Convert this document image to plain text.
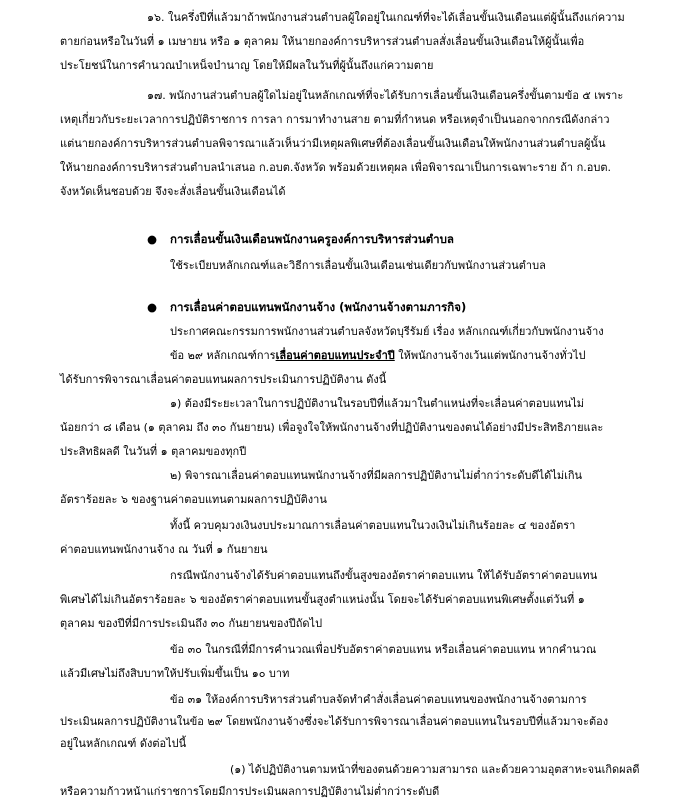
๑๖. ในครึ่งปีที่แล้วมาถ้าพนักงานส่วนตำบลผู้ใดอยู่ในเกณฑ์ที่จะได้เลื่อนขั้นเงินเดือนแต่ผู้นั้นถึงแก่ความ
ตายก่อนหรือในวันที่ ๑ เมษายน หรือ ๑ ตุลาคม ให้นายกองค์การบริหารส่วนตำบลสั่งเลื่อนขั้นเงินเดือนให้ผู้นั้นเพื่อ
ประโยชน์ในการคำนวณบำเหน็จบำนาญ โดยให้มีผลในวันที่ผู้นั้นถึงแก่ความตาย
๑๗. พนักงานส่วนตำบลผู้ใดไม่อยู่ในหลักเกณฑ์ที่จะได้รับการเลื่อนขั้นเงินเดือนครึ่งขั้นตามข้อ ๕ เพราะ
เหตุเกี่ยวกับระยะเวลาการปฏิบัติราชการ การลา การมาทำงานสาย ตามที่กำหนด หรือเหตุจำเป็นนอกจากกรณีดังกล่าว
แต่นายกองค์การบริหารส่วนตำบลพิจารณาแล้วเห็นว่ามีเหตุผลพิเศษที่ต้องเลื่อนขั้นเงินเดือนให้พนักงานส่วนตำบลผู้นั้น
ให้นายกองค์การบริหารส่วนตำบลนำเสนอ ก.อบต.จังหวัด พร้อมด้วยเหตุผล เพื่อพิจารณาเป็นการเฉพาะราย ถ้า ก.อบต.
จังหวัดเห็นชอบด้วย จึงจะสั่งเลื่อนขั้นเงินเดือนได้
●	การเลื่อนขั้นเงินเดือนพนักงานครูองค์การบริหารส่วนตำบล
ใช้ระเบียบหลักเกณฑ์และวิธีการเลื่อนขั้นเงินเดือนเช่นเดียวกับพนักงานส่วนตำบล
●	การเลื่อนค่าตอบแทนพนักงานจ้าง (พนักงานจ้างตามภารกิจ)
ประกาศคณะกรรมการพนักงานส่วนตำบลจังหวัดบุรีรัมย์ เรื่อง หลักเกณฑ์เกี่ยวกับพนักงานจ้าง
ข้อ ๒๙ หลักเกณฑ์การเลื่อนค่าตอบแทนประจำปี ให้พนักงานจ้างเว้นแต่พนักงานจ้างทั่วไป
ได้รับการพิจารณาเลื่อนค่าตอบแทนผลการประเมินการปฏิบัติงาน ดังนี้
๑) ต้องมีระยะเวลาในการปฏิบัติงานในรอบปีที่แล้วมาในตำแหน่งที่จะเลื่อนค่าตอบแทนไม่
น้อยกว่า ๘ เดือน (๑ ตุลาคม ถึง ๓๐ กันยายน) เพื่อจูงใจให้พนักงานจ้างที่ปฏิบัติงานของตนได้อย่างมีประสิทธิภายและ
ประสิทธิผลดี ในวันที่ ๑ ตุลาคมของทุกปี
๒) พิจารณาเลื่อนค่าตอบแทนพนักงานจ้างที่มีผลการปฏิบัติงานไม่ต่ำกว่าระดับดีได้ไม่เกิน
อัตราร้อยละ ๖ ของฐานค่าตอบแทนตามผลการปฏิบัติงาน
ทั้งนี้ ควบคุมวงเงินงบประมาณการเลื่อนค่าตอบแทนในวงเงินไม่เกินร้อยละ ๔ ของอัตรา
ค่าตอบแทนพนักงานจ้าง ณ วันที่ ๑ กันยายน
กรณีพนักงานจ้างได้รับค่าตอบแทนถึงขั้นสูงของอัตราค่าตอบแทน ให้ได้รับอัตราค่าตอบแทน
พิเศษได้ไม่เกินอัตราร้อยละ ๖ ของอัตราค่าตอบแทนขั้นสูงตำแหน่งนั้น โดยจะได้รับค่าตอบแทนพิเศษตั้งแต่วันที่ ๑
ตุลาคม ของปีที่มีการประเมินถึง ๓๐ กันยายนของปีถัดไป
ข้อ ๓๐ ในกรณีที่มีการคำนวณเพื่อปรับอัตราค่าตอบแทน หรือเลื่อนค่าตอบแทน หากคำนวณ
แล้วมีเศษไม่ถึงสิบบาทให้ปรับเพิ่มขึ้นเป็น ๑๐ บาท
ข้อ ๓๑ ให้องค์การบริหารส่วนตำบลจัดทำคำสั่งเลื่อนค่าตอบแทนของพนักงานจ้างตามการ
ประเมินผลการปฏิบัติงานในข้อ ๒๙ โดยพนักงานจ้างซึ่งจะได้รับการพิจารณาเลื่อนค่าตอบแทนในรอบปีที่แล้วมาจะต้อง
อยู่ในหลักเกณฑ์ ดังต่อไปนี้
(๑) ได้ปฏิบัติงานตามหน้าที่ของตนด้วยความสามารถ และด้วยความอุตสาหะจนเกิดผลดี
หรือความก้าวหน้าแก่ราชการโดยมีการประเมินผลการปฏิบัติงานไม่ต่ำกว่าระดับดี
